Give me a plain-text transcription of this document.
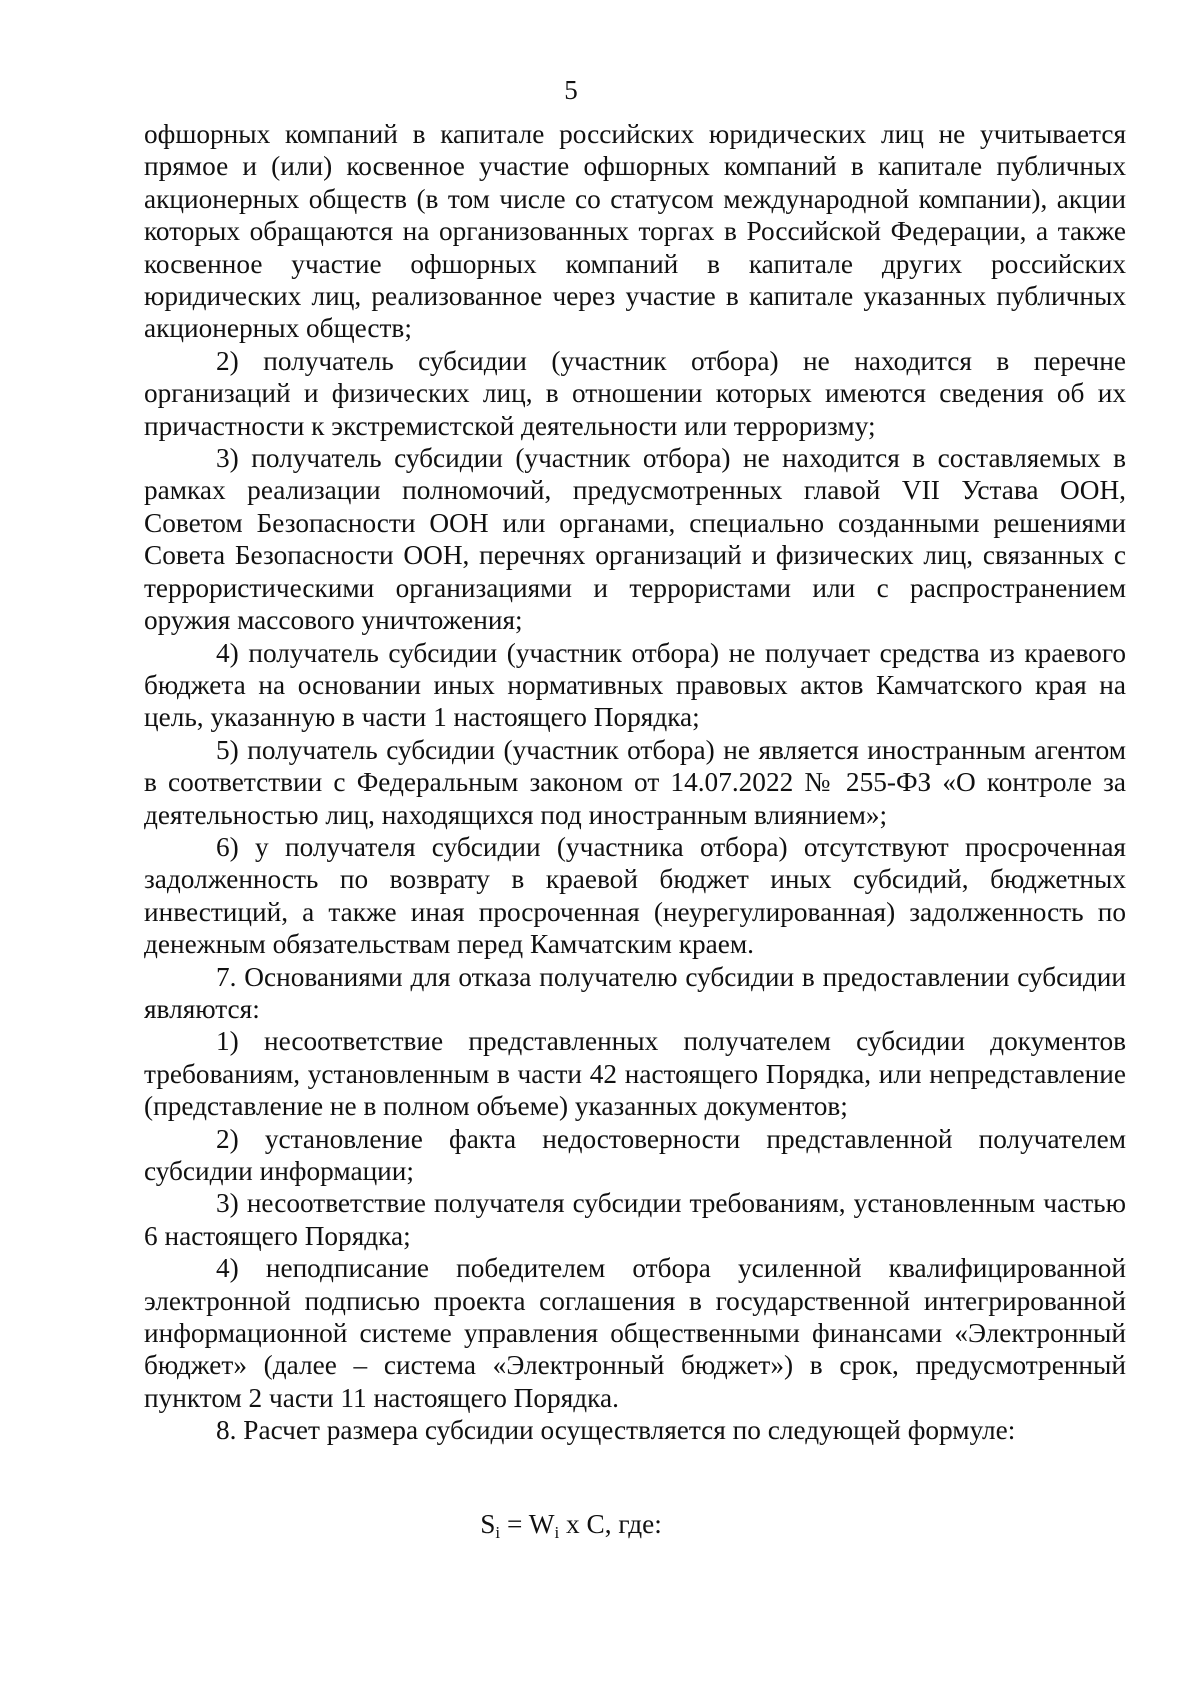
5

офшорных компаний в капитале российских юридических лиц не учитывается прямое и (или) косвенное участие офшорных компаний в капитале публичных акционерных обществ (в том числе со статусом международной компании), акции которых обращаются на организованных торгах в Российской Федерации, а также косвенное участие офшорных компаний в капитале других российских юридических лиц, реализованное через участие в капитале указанных публичных акционерных обществ;

2) получатель субсидии (участник отбора) не находится в перечне организаций и физических лиц, в отношении которых имеются сведения об их причастности к экстремистской деятельности или терроризму;

3) получатель субсидии (участник отбора) не находится в составляемых в рамках реализации полномочий, предусмотренных главой VII Устава ООН, Советом Безопасности ООН или органами, специально созданными решениями Совета Безопасности ООН, перечнях организаций и физических лиц, связанных с террористическими организациями и террористами или с распространением оружия массового уничтожения;

4) получатель субсидии (участник отбора) не получает средства из краевого бюджета на основании иных нормативных правовых актов Камчатского края на цель, указанную в части 1 настоящего Порядка;

5) получатель субсидии (участник отбора) не является иностранным агентом в соответствии с Федеральным законом от 14.07.2022 № 255-ФЗ «О контроле за деятельностью лиц, находящихся под иностранным влиянием»;

6) у получателя субсидии (участника отбора) отсутствуют просроченная задолженность по возврату в краевой бюджет иных субсидий, бюджетных инвестиций, а также иная просроченная (неурегулированная) задолженность по денежным обязательствам перед Камчатским краем.

7. Основаниями для отказа получателю субсидии в предоставлении субсидии являются:

1) несоответствие представленных получателем субсидии документов требованиям, установленным в части 42 настоящего Порядка, или непредставление (представление не в полном объеме) указанных документов;

2) установление факта недостоверности представленной получателем субсидии информации;

3) несоответствие получателя субсидии требованиям, установленным частью 6 настоящего Порядка;

4) неподписание победителем отбора усиленной квалифицированной электронной подписью проекта соглашения в государственной интегрированной информационной системе управления общественными финансами «Электронный бюджет» (далее – система «Электронный бюджет») в срок, предусмотренный пунктом 2 части 11 настоящего Порядка.

8. Расчет размера субсидии осуществляется по следующей формуле:

$S_i = W_i$ x C, где:
